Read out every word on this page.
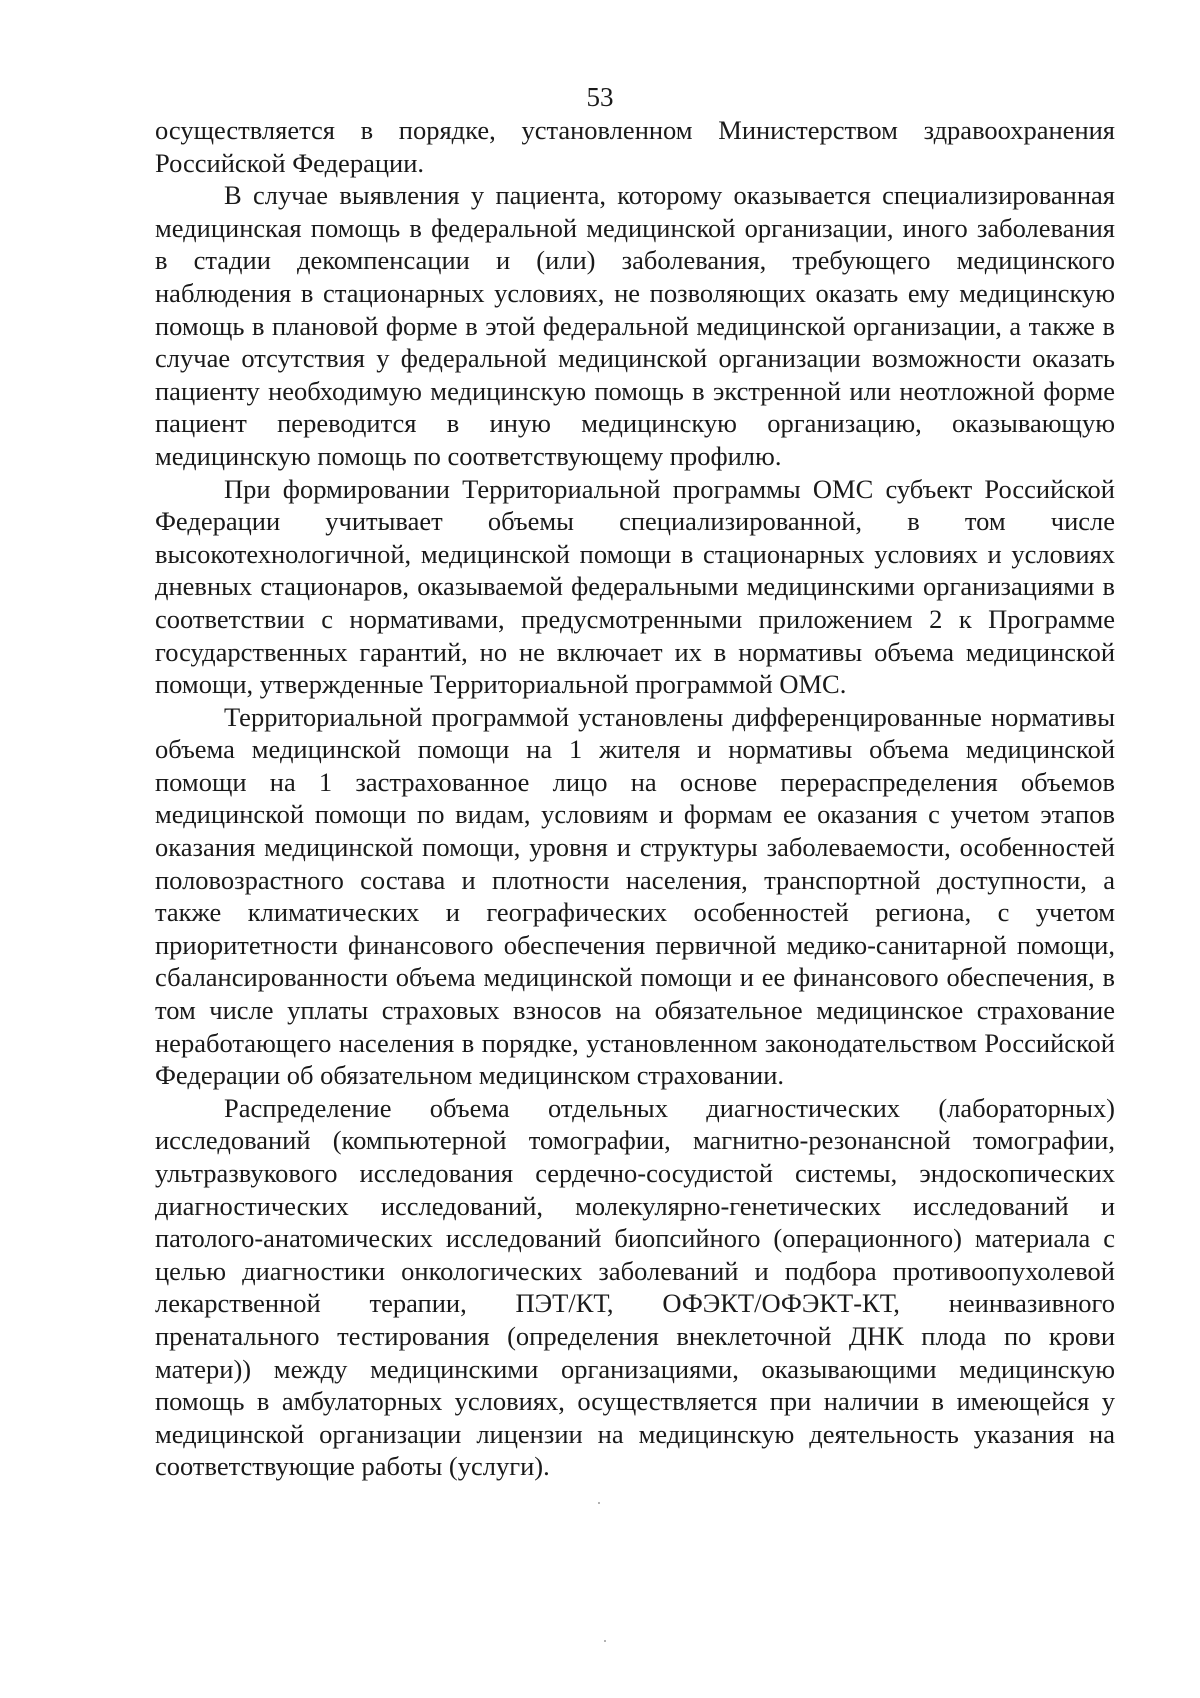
53

осуществляется в порядке, установленном Министерством здравоохранения Российской Федерации.

В случае выявления у пациента, которому оказывается специализированная медицинская помощь в федеральной медицинской организации, иного заболевания в стадии декомпенсации и (или) заболевания, требующего медицинского наблюдения в стационарных условиях, не позволяющих оказать ему медицинскую помощь в плановой форме в этой федеральной медицинской организации, а также в случае отсутствия у федеральной медицинской организации возможности оказать пациенту необходимую медицинскую помощь в экстренной или неотложной форме пациент переводится в иную медицинскую организацию, оказывающую медицинскую помощь по соответствующему профилю.

При формировании Территориальной программы ОМС субъект Российской Федерации учитывает объемы специализированной, в том числе высокотехнологичной, медицинской помощи в стационарных условиях и условиях дневных стационаров, оказываемой федеральными медицинскими организациями в соответствии с нормативами, предусмотренными приложением 2 к Программе государственных гарантий, но не включает их в нормативы объема медицинской помощи, утвержденные Территориальной программой ОМС.

Территориальной программой установлены дифференцированные нормативы объема медицинской помощи на 1 жителя и нормативы объема медицинской помощи на 1 застрахованное лицо на основе перераспределения объемов медицинской помощи по видам, условиям и формам ее оказания с учетом этапов оказания медицинской помощи, уровня и структуры заболеваемости, особенностей половозрастного состава и плотности населения, транспортной доступности, а также климатических и географических особенностей региона, с учетом приоритетности финансового обеспечения первичной медико-санитарной помощи, сбалансированности объема медицинской помощи и ее финансового обеспечения, в том числе уплаты страховых взносов на обязательное медицинское страхование неработающего населения в порядке, установленном законодательством Российской Федерации об обязательном медицинском страховании.

Распределение объема отдельных диагностических (лабораторных) исследований (компьютерной томографии, магнитно-резонансной томографии, ультразвукового исследования сердечно-сосудистой системы, эндоскопических диагностических исследований, молекулярно-генетических исследований и патолого-анатомических исследований биопсийного (операционного) материала с целью диагностики онкологических заболеваний и подбора противоопухолевой лекарственной терапии, ПЭТ/КТ, ОФЭКТ/ОФЭКТ-КТ, неинвазивного пренатального тестирования (определения внеклеточной ДНК плода по крови матери)) между медицинскими организациями, оказывающими медицинскую помощь в амбулаторных условиях, осуществляется при наличии в имеющейся у медицинской организации лицензии на медицинскую деятельность указания на соответствующие работы (услуги).
